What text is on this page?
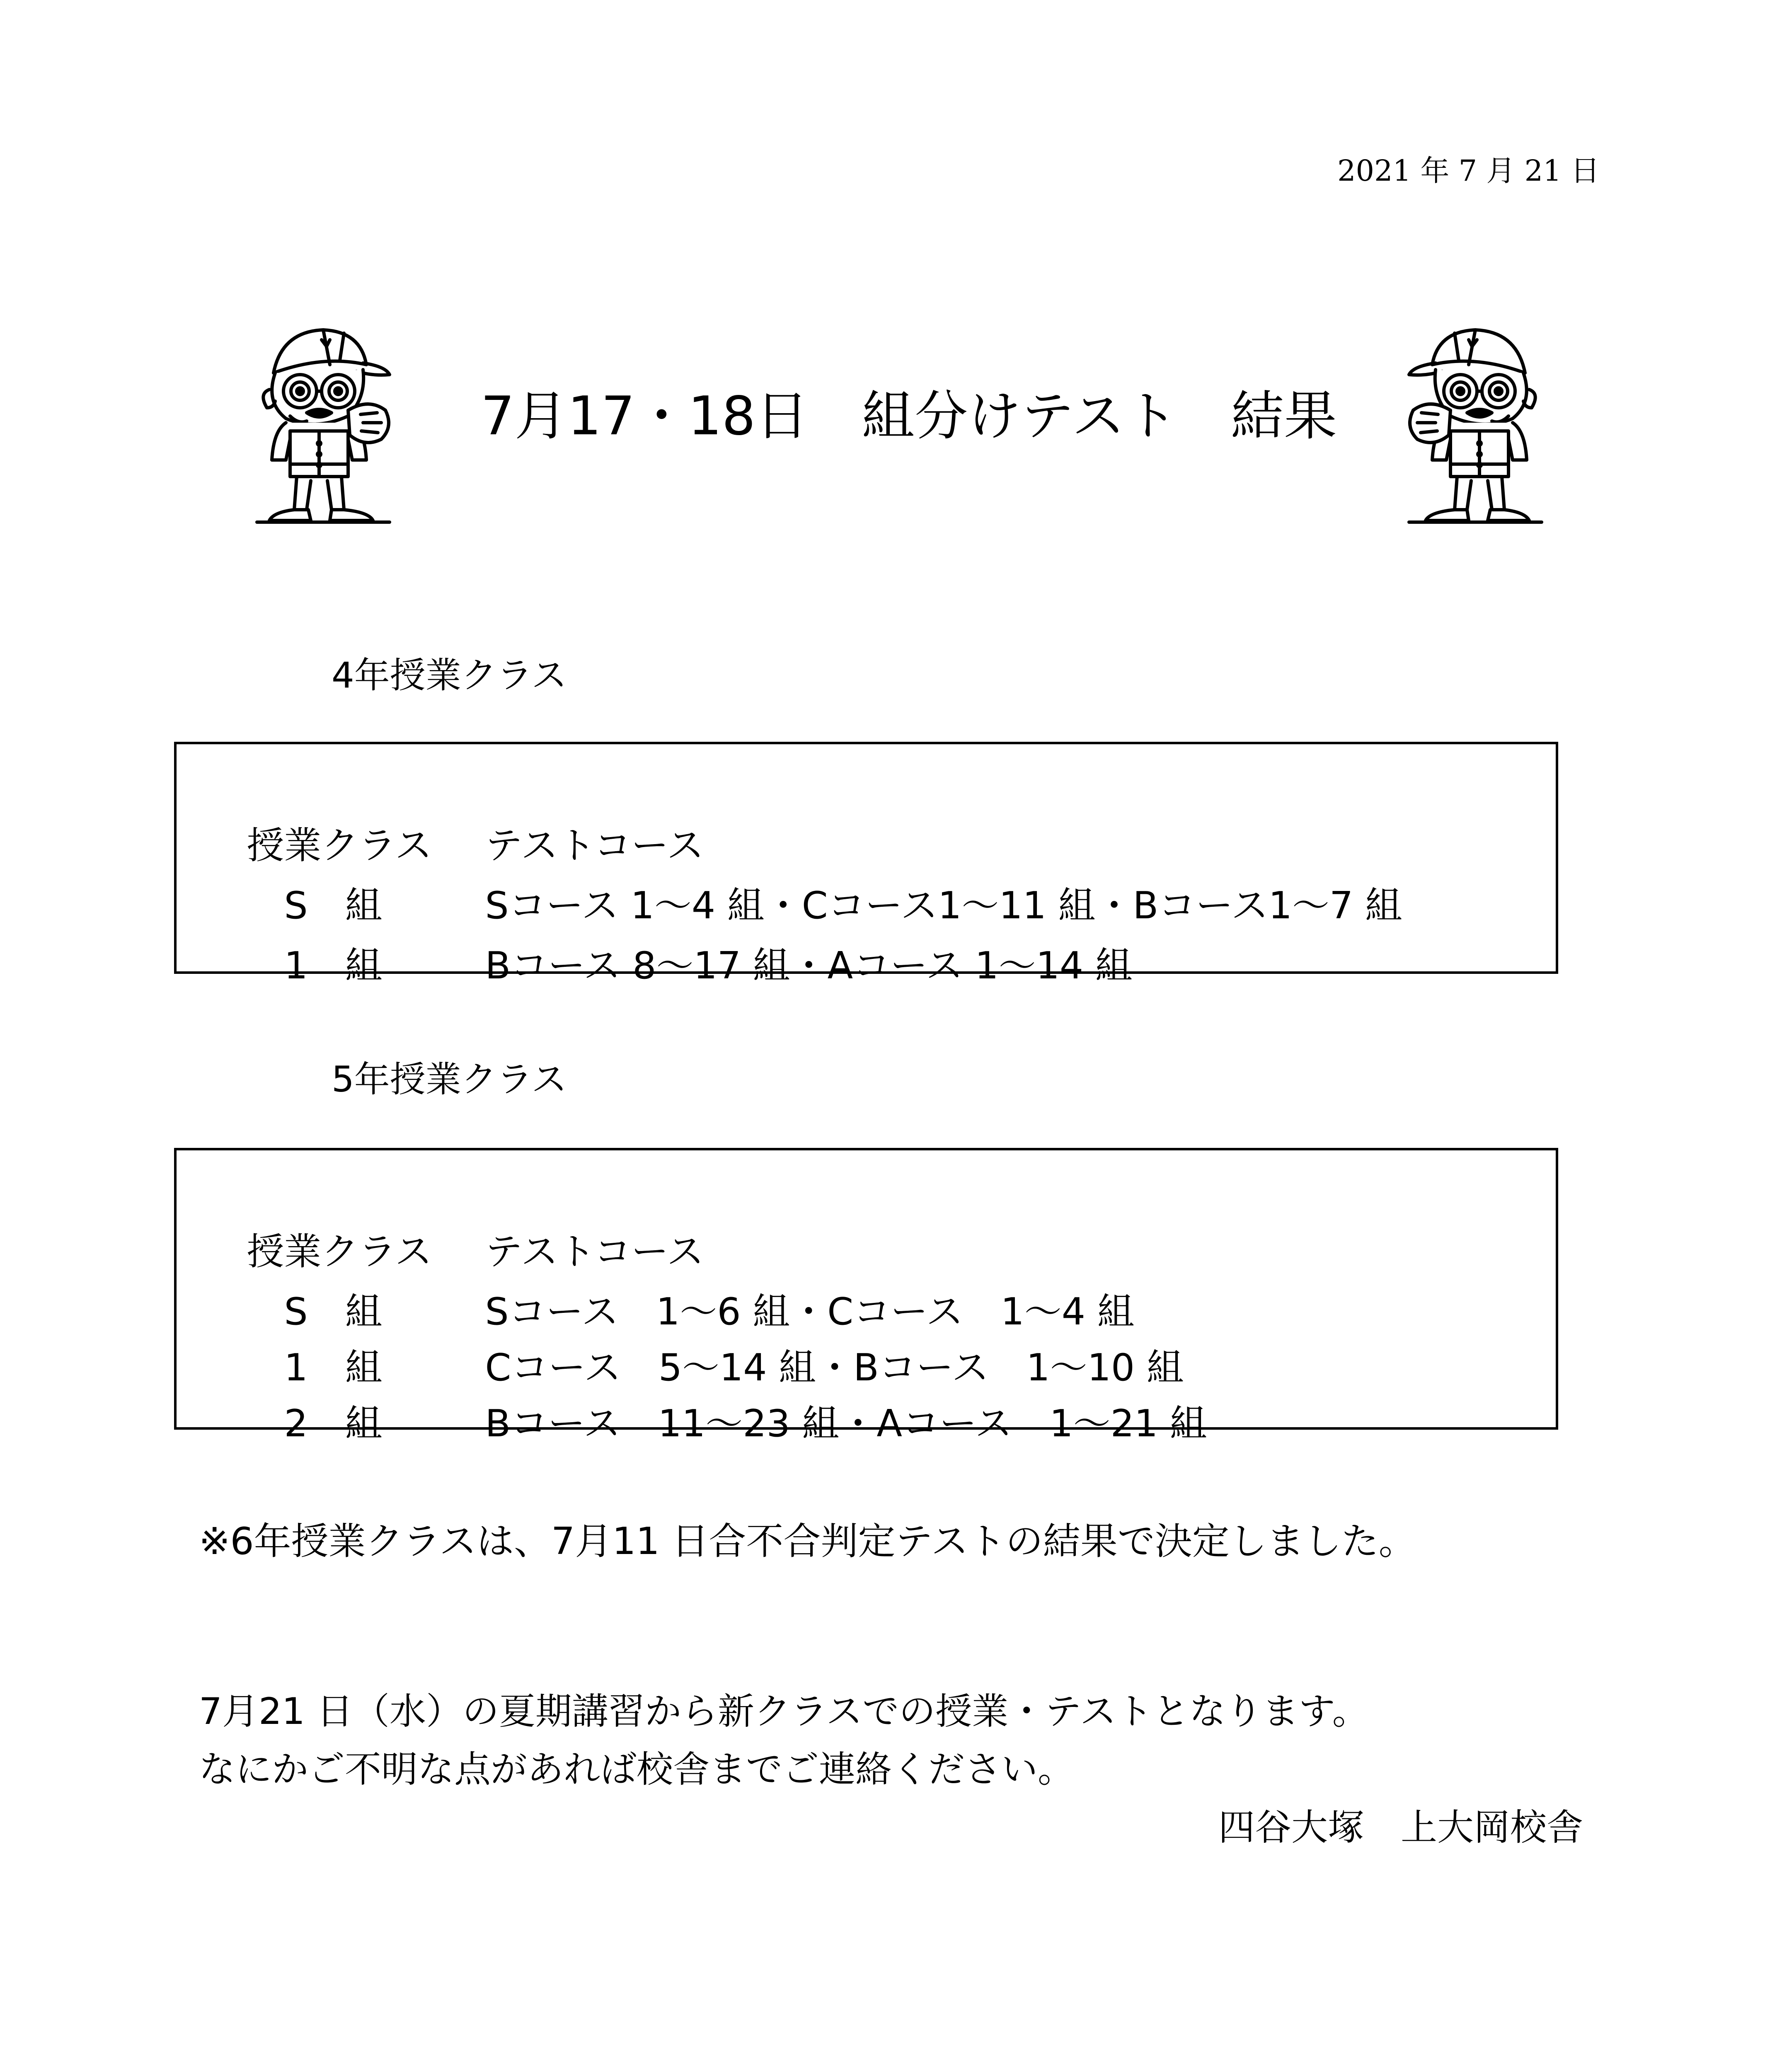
2021 年 7 月 21 日
7月17・18日　組分けテスト　結果
4年授業クラス

授業クラス テストコース

S　組	Sコース 1～4 組・Cコース1～11 組・Bコース1～7 組

1　組	Bコース 8～17 組・Aコース 1～14 組

5年授業クラス

授業クラス テストコース

S　組	Sコース　1～6 組・Cコース　1～4 組

1　組	Cコース　5～14 組・Bコース　1～10 組

2　組	Bコース　11～23 組・Aコース　1～21 組

※6年授業クラスは、7月11 日合不合判定テストの結果で決定しました。
7月21 日（水）の夏期講習から新クラスでの授業・テストとなります。
なにかご不明な点があれば校舎までご連絡ください。
四谷大塚　上大岡校舎
